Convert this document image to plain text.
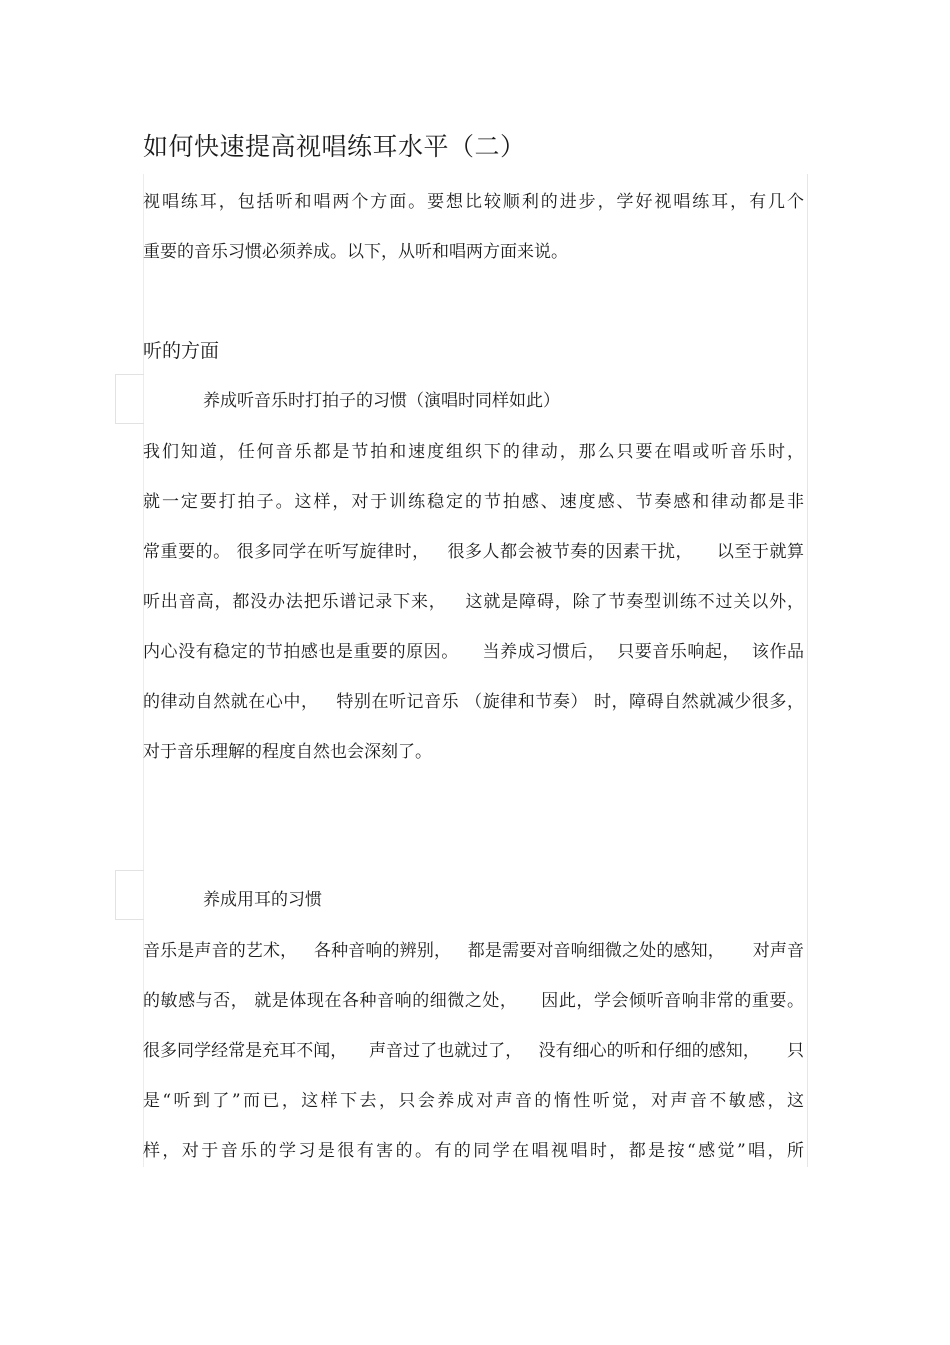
如何快速提高视唱练耳水平（二）
视唱练耳，包括听和唱两个方面。要想比较顺利的进步，学好视唱练耳，有几个
重要的音乐习惯必须养成。以下，从听和唱两方面来说。
听的方面
养成听音乐时打拍子的习惯（演唱时同样如此）
我们知道，任何音乐都是节拍和速度组织下的律动，那么只要在唱或听音乐时，
就一定要打拍子。这样，对于训练稳定的节拍感、速度感、节奏感和律动都是非
常重要的。 很多同学在听写旋律时，   很多人都会被节奏的因素干扰，    以至于就算
听出音高，都没办法把乐谱记录下来，   这就是障碍，除了节奏型训练不过关以外，
内心没有稳定的节拍感也是重要的原因。    当养成习惯后，  只要音乐响起，  该作品
的律动自然就在心中，   特别在听记音乐 （旋律和节奏） 时，障碍自然就减少很多，
对于音乐理解的程度自然也会深刻了。
养成用耳的习惯
音乐是声音的艺术，   各种音响的辨别，   都是需要对音响细微之处的感知，     对声音
的敏感与否， 就是体现在各种音响的细微之处，    因此，学会倾听音响非常的重要。
很多同学经常是充耳不闻，    声音过了也就过了，   没有细心的听和仔细的感知，     只
是“听到了”而已，这样下去，只会养成对声音的惰性听觉，对声音不敏感，这
样，对于音乐的学习是很有害的。有的同学在唱视唱时，都是按“感觉”唱，所
